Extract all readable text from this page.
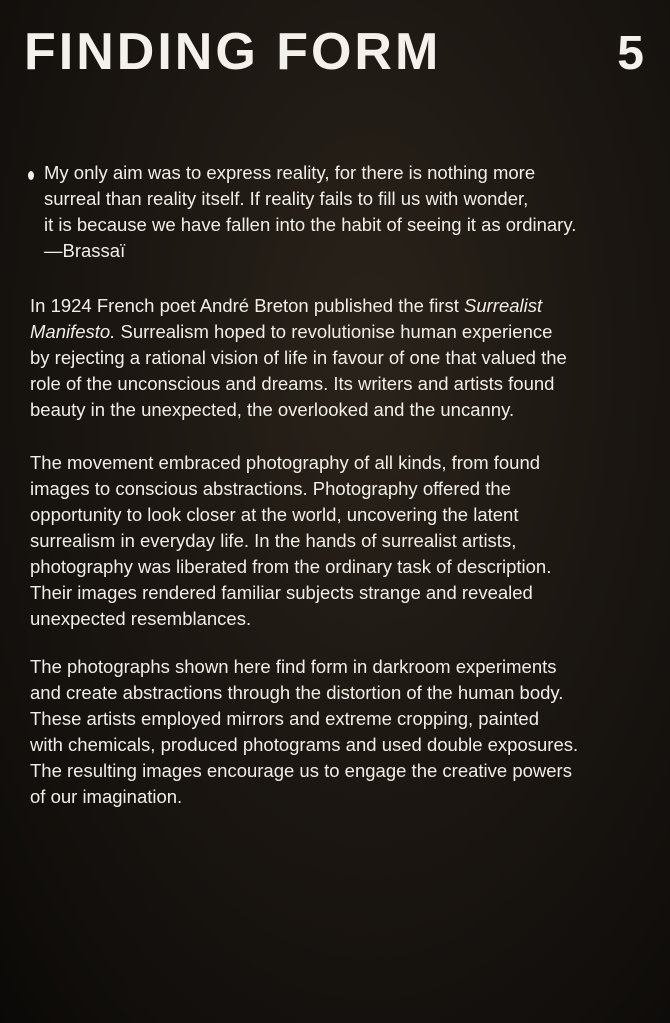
FINDING FORM	5
My only aim was to express reality, for there is nothing more
surreal than reality itself. If reality fails to fill us with wonder,
it is because we have fallen into the habit of seeing it as ordinary.
—Brassaï
In 1924 French poet André Breton published the first Surrealist
Manifesto. Surrealism hoped to revolutionise human experience
by rejecting a rational vision of life in favour of one that valued the
role of the unconscious and dreams. Its writers and artists found
beauty in the unexpected, the overlooked and the uncanny.
The movement embraced photography of all kinds, from found
images to conscious abstractions. Photography offered the
opportunity to look closer at the world, uncovering the latent
surrealism in everyday life. In the hands of surrealist artists,
photography was liberated from the ordinary task of description.
Their images rendered familiar subjects strange and revealed
unexpected resemblances.
The photographs shown here find form in darkroom experiments
and create abstractions through the distortion of the human body.
These artists employed mirrors and extreme cropping, painted
with chemicals, produced photograms and used double exposures.
The resulting images encourage us to engage the creative powers
of our imagination.
